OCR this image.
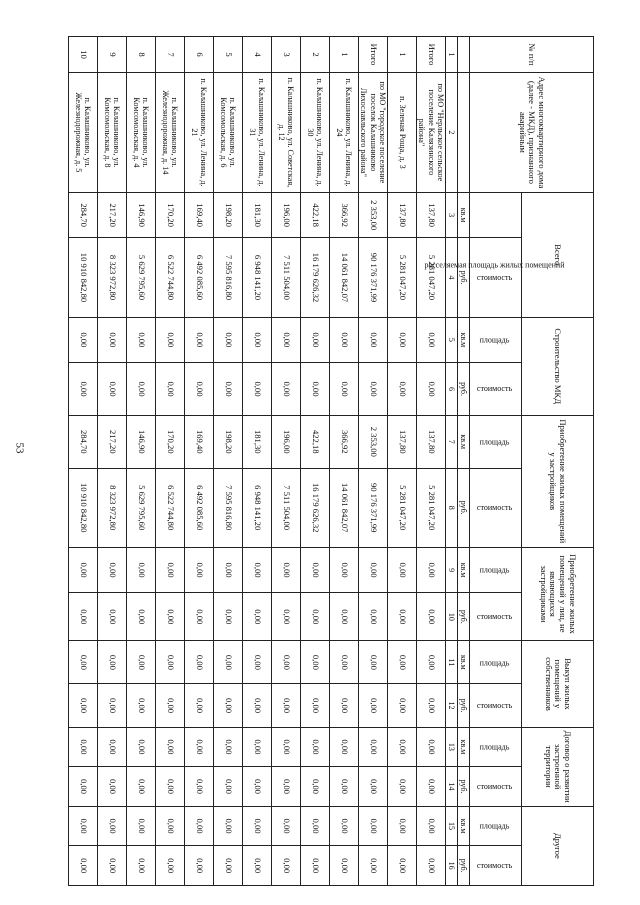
53
№ п/п	Адрес многоквартирного дома (далее - МКД), признанного аварийным	Всего		Строительство МКД		Приобретение жилых помещений у застройщиков		Приобретение жилых помещений у лиц, не являющихся застройщиками		Выкуп жилых помещений у собственников		Договор о развитии застроенной территории		Другое	
		расселяемая площадь жилых помещений	стоимость	площадь	стоимость	площадь	стоимость	площадь	стоимость	площадь	стоимость	площадь	стоимость	площадь	стоимость
		кв.м	руб.	кв.м	руб.	кв.м	руб.	кв.м	руб.	кв.м	руб.	кв.м	руб.	кв.м	руб.
1	2	3	4	5	6	7	8	9	10	11	12	13	14	15	16
Итого	по МО "Нерльское сельское поселение Калязинского района"	137,80	5 281 047,20	0,00	0,00	137,80	5 281 047,20	0,00	0,00	0,00	0,00	0,00	0,00	0,00	0,00
1	п. Зеленая Роща, д. 3	137,80	5 281 047,20	0,00	0,00	137,80	5 281 047,20	0,00	0,00	0,00	0,00	0,00	0,00	0,00	0,00
Итого	по МО "городское поселение поселок Калашниково Лихославльского района"	2 353,00	90 176 371,99	0,00	0,00	2 353,00	90 176 371,99	0,00	0,00	0,00	0,00	0,00	0,00	0,00	0,00
1	п. Калашниково, ул. Ленина, д. 24	366,92	14 061 842,07	0,00	0,00	366,92	14 061 842,07	0,00	0,00	0,00	0,00	0,00	0,00	0,00	0,00
2	п. Калашниково, ул. Ленина, д. 30	422,18	16 179 626,32	0,00	0,00	422,18	16 179 626,32	0,00	0,00	0,00	0,00	0,00	0,00	0,00	0,00
3	п. Калашниково, ул. Советская, д. 12	196,00	7 511 504,00	0,00	0,00	196,00	7 511 504,00	0,00	0,00	0,00	0,00	0,00	0,00	0,00	0,00
4	п. Калашниково, ул. Ленина, д. 31	181,30	6 948 141,20	0,00	0,00	181,30	6 948 141,20	0,00	0,00	0,00	0,00	0,00	0,00	0,00	0,00
5	п. Калашниково, ул. Комсомольская, д. 6	198,20	7 595 816,80	0,00	0,00	198,20	7 595 816,80	0,00	0,00	0,00	0,00	0,00	0,00	0,00	0,00
6	п. Калашниково, ул. Ленина, д. 21	169,40	6 492 085,60	0,00	0,00	169,40	6 492 085,60	0,00	0,00	0,00	0,00	0,00	0,00	0,00	0,00
7	п. Калашниково, ул. Железнодорожная, д. 14	170,20	6 522 744,80	0,00	0,00	170,20	6 522 744,80	0,00	0,00	0,00	0,00	0,00	0,00	0,00	0,00
8	п. Калашниково, ул. Комсомольская, д. 4	146,90	5 629 795,60	0,00	0,00	146,90	5 629 795,60	0,00	0,00	0,00	0,00	0,00	0,00	0,00	0,00
9	п. Калашниково, ул. Комсомольская, д. 8	217,20	8 323 972,80	0,00	0,00	217,20	8 323 972,80	0,00	0,00	0,00	0,00	0,00	0,00	0,00	0,00
10	п. Калашниково, ул. Железнодорожная, д. 5	284,70	10 910 842,80	0,00	0,00	284,70	10 910 842,80	0,00	0,00	0,00	0,00	0,00	0,00	0,00	0,00
